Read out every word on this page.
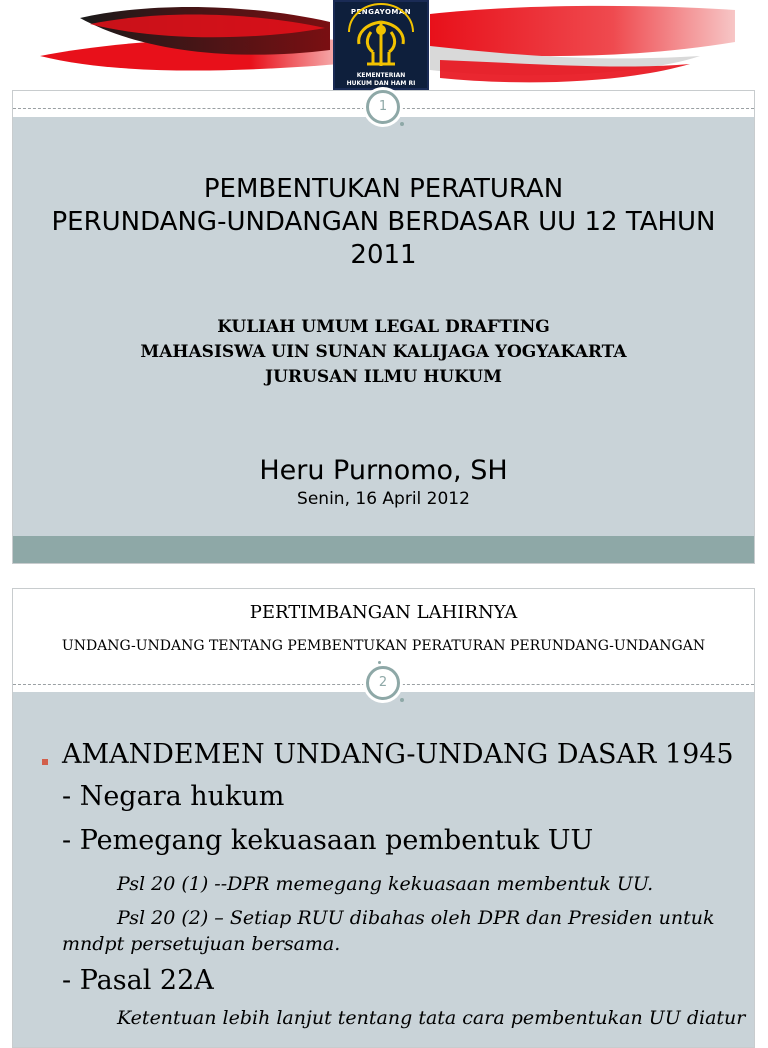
PENGAYOMAN
KEMENTERIAN
HUKUM DAN HAM RI
PEMBENTUKAN PERATURAN
PERUNDANG-UNDANGAN BERDASAR UU 12 TAHUN
2011
KULIAH UMUM LEGAL DRAFTING
MAHASISWA UIN SUNAN KALIJAGA YOGYAKARTA
JURUSAN ILMU HUKUM
Heru Purnomo, SH
Senin, 16 April 2012
1
PERTIMBANGAN LAHIRNYA
UNDANG-UNDANG TENTANG PEMBENTUKAN PERATURAN PERUNDANG-UNDANGAN
AMANDEMEN UNDANG-UNDANG DASAR 1945
- Negara hukum
- Pemegang kekuasaan pembentuk UU
Psl 20 (1) --DPR memegang kekuasaan membentuk UU.
Psl 20 (2) – Setiap RUU dibahas oleh DPR dan Presiden untuk
mndpt persetujuan bersama.
- Pasal 22A
Ketentuan lebih lanjut tentang tata cara pembentukan UU diatur
2
